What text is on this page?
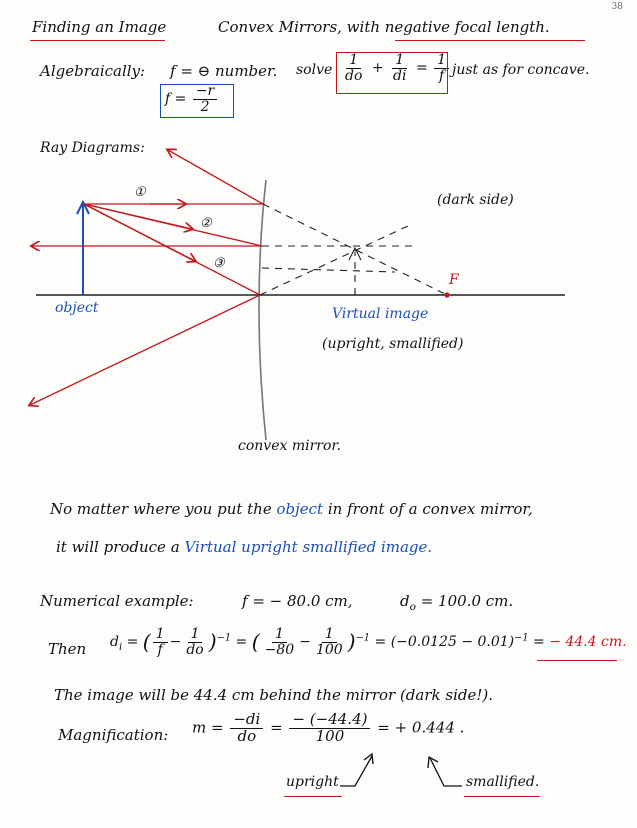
38
Finding an Image	Convex Mirrors, with negative focal length.
Algebraically: f = ⊖ number. solve $\frac{1}{do} + \frac{1}{di} = \frac{1}{f}$ just as for concave.
$f = \frac{-r}{2}$
Ray Diagrams:
①
②
③
(dark side)
F
object	Virtual image
(upright, smallified)
convex mirror.
No matter where you put the object in front of a convex mirror,
it will produce a Virtual upright smallified image.
Numerical example:	f = − 80.0 cm,	$d_o = 100.0$ cm.
Then $d_i$ = ( $\frac{1}{f} - \frac{1}{do} )^{-1}$ = ( $\frac{1}{-80} - \frac{1}{100} )^{-1} = (-0.0125 - 0.01)^{-1}$ = − 44.4 cm.
The image will be 44.4 cm behind the mirror (dark side!).
Magnification: $m = \frac{-di}{do} = \frac{- (-44.4)}{100}$ = + 0.444 .
upright	smallified.
